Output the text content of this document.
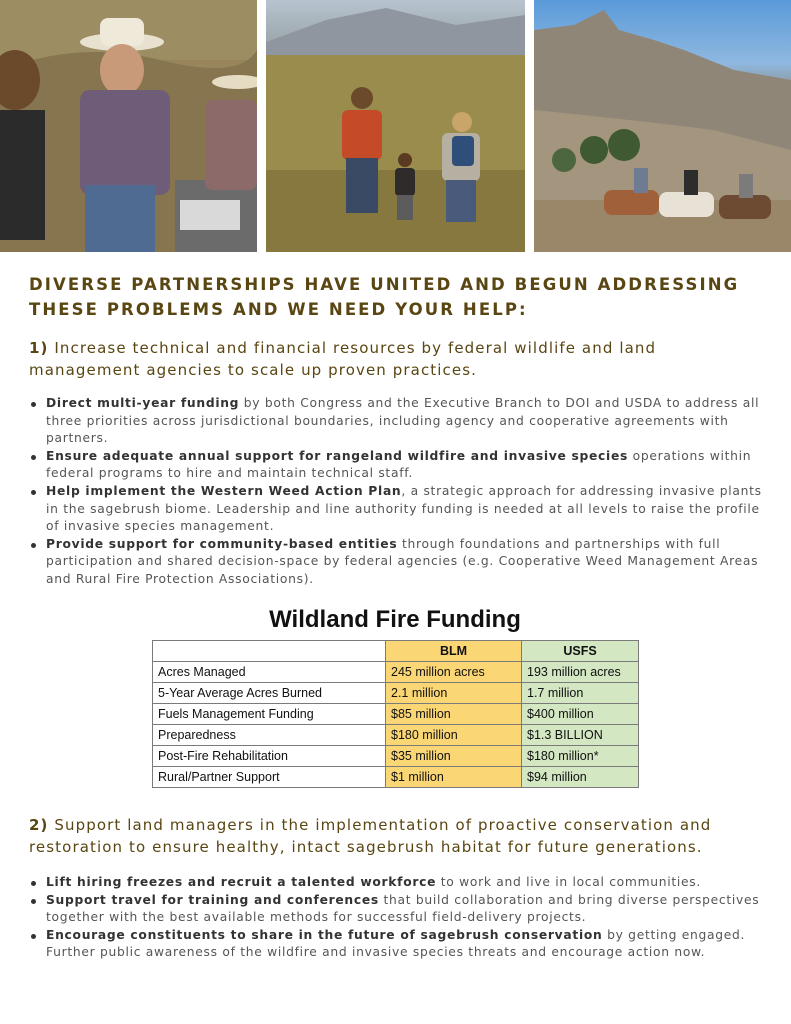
DIVERSE PARTNERSHIPS HAVE UNITED AND BEGUN ADDRESSING THESE PROBLEMS AND WE NEED YOUR HELP:

1) Increase technical and financial resources by federal wildlife and land management agencies to scale up proven practices.

Direct multi-year funding by both Congress and the Executive Branch to DOI and USDA to address all three priorities across jurisdictional boundaries, including agency and cooperative agreements with partners.
Ensure adequate annual support for rangeland wildfire and invasive species operations within federal programs to hire and maintain technical staff.
Help implement the Western Weed Action Plan, a strategic approach for addressing invasive plants in the sagebrush biome. Leadership and line authority funding is needed at all levels to raise the profile of invasive species management.
Provide support for community-based entities through foundations and partnerships with full participation and shared decision-space by federal agencies (e.g. Cooperative Weed Management Areas and Rural Fire Protection Associations).
Wildland Fire Funding
	BLM	USFS
Acres Managed	245 million acres	193 million acres
5-Year Average Acres Burned	2.1 million	1.7 million
Fuels Management Funding	$85 million	$400 million
Preparedness	$180 million	$1.3 BILLION
Post-Fire Rehabilitation	$35 million	$180 million*
Rural/Partner Support	$1 million	$94 million

2) Support land managers in the implementation of proactive conservation and restoration to ensure healthy, intact sagebrush habitat for future generations.

Lift hiring freezes and recruit a talented workforce to work and live in local communities.
Support travel for training and conferences that build collaboration and bring diverse perspectives together with the best available methods for successful field-delivery projects.
Encourage constituents to share in the future of sagebrush conservation by getting engaged. Further public awareness of the wildfire and invasive species threats and encourage action now.
